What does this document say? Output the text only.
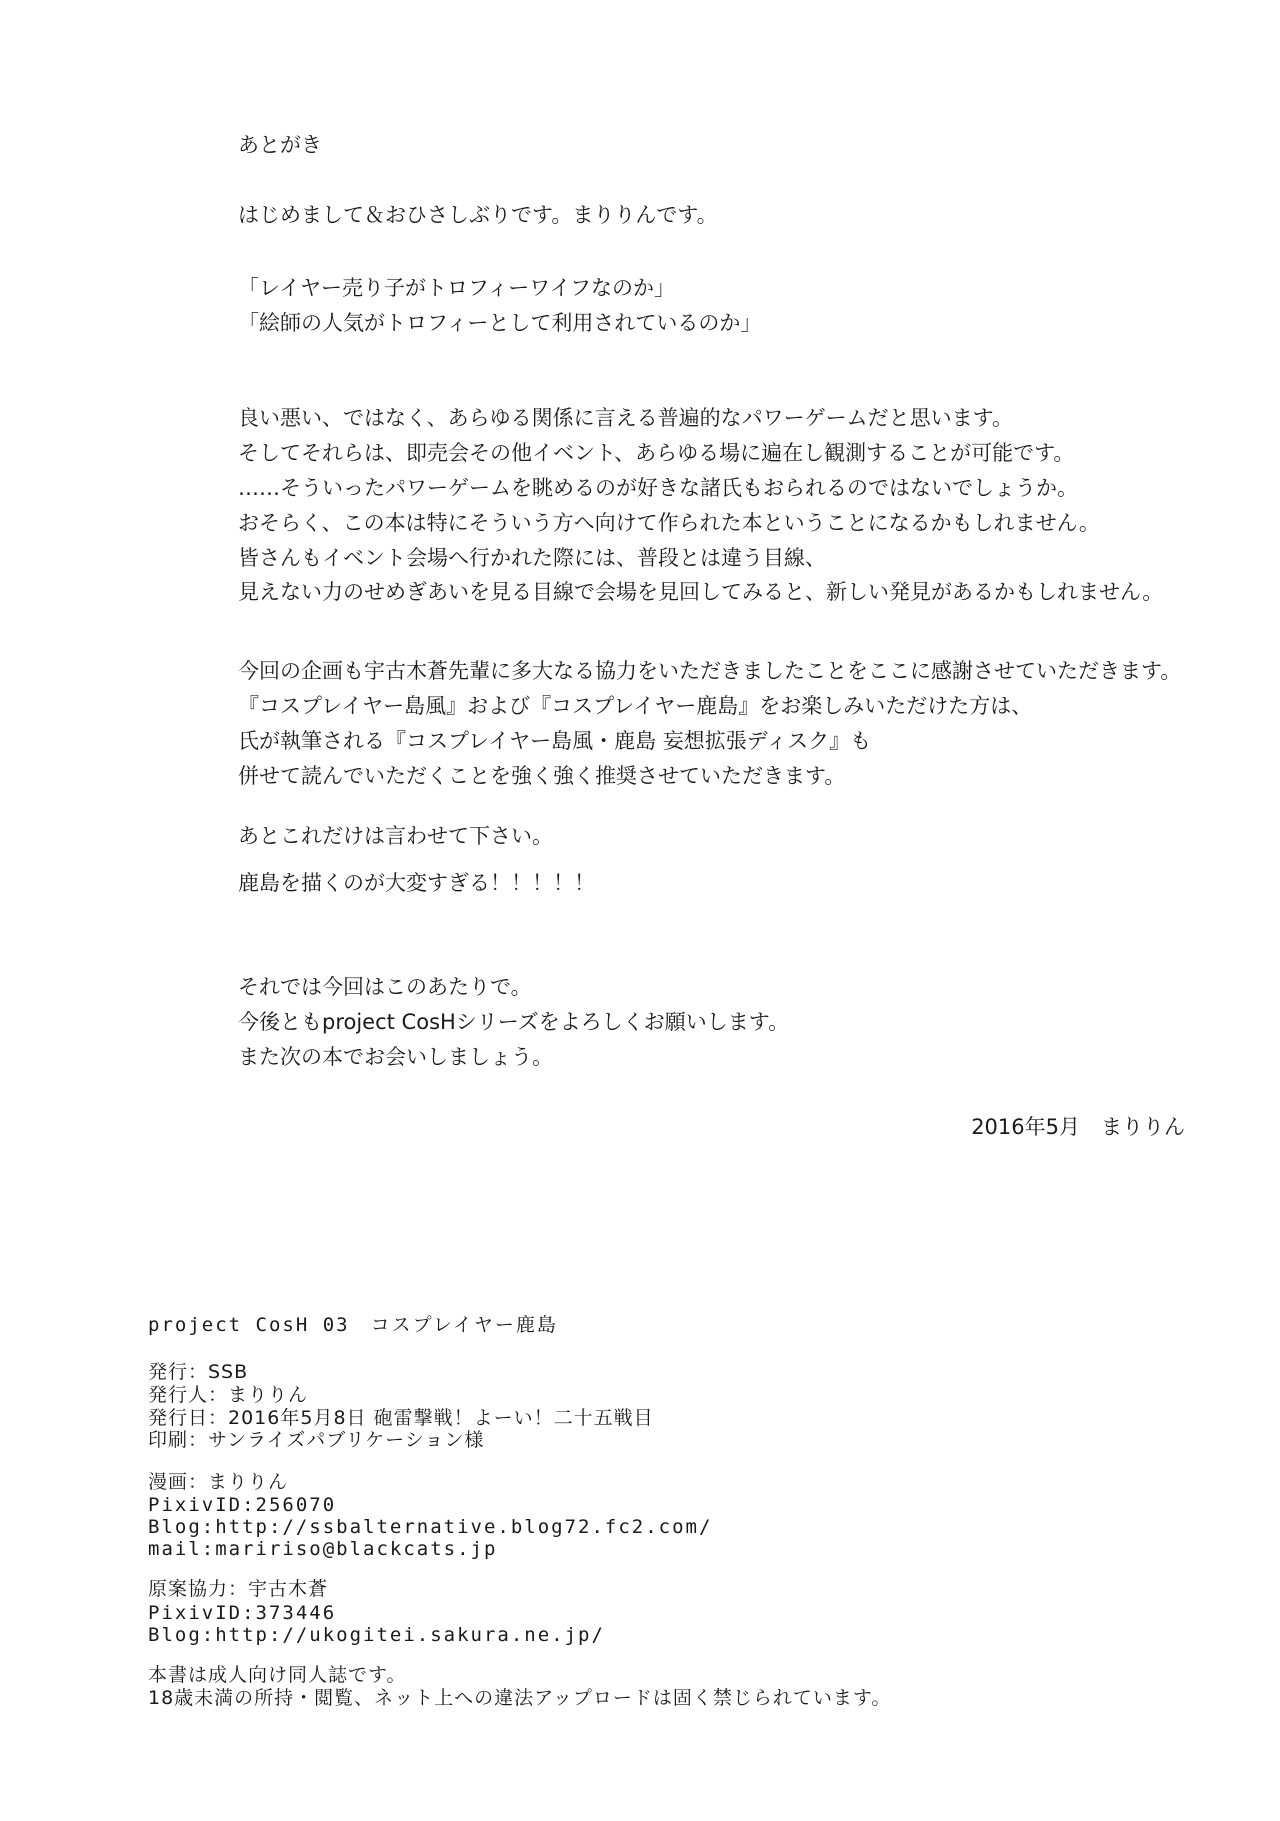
あとがき
はじめまして＆おひさしぶりです。まりりんです。
「レイヤー売り子がトロフィーワイフなのか」
「絵師の人気がトロフィーとして利用されているのか」
良い悪い、ではなく、あらゆる関係に言える普遍的なパワーゲームだと思います。
そしてそれらは、即売会その他イベント、あらゆる場に遍在し観測することが可能です。
……そういったパワーゲームを眺めるのが好きな諸氏もおられるのではないでしょうか。
おそらく、この本は特にそういう方へ向けて作られた本ということになるかもしれません。
皆さんもイベント会場へ行かれた際には、普段とは違う目線、
見えない力のせめぎあいを見る目線で会場を見回してみると、新しい発見があるかもしれません。
今回の企画も宇古木蒼先輩に多大なる協力をいただきましたことをここに感謝させていただきます。
『コスプレイヤー島風』および『コスプレイヤー鹿島』をお楽しみいただけた方は、
氏が執筆される『コスプレイヤー島風・鹿島 妄想拡張ディスク』も
併せて読んでいただくことを強く強く推奨させていただきます。
あとこれだけは言わせて下さい。
鹿島を描くのが大変すぎる！！！！！
それでは今回はこのあたりで。
今後ともproject CosHシリーズをよろしくお願いします。
また次の本でお会いしましょう。
2016年5月　まりりん
project CosH 03　コスプレイヤー鹿島
発行：SSB
発行人：まりりん
発行日：2016年5月8日 砲雷撃戦！よーい！二十五戦目
印刷：サンライズパブリケーション様
漫画：まりりん
PixivID:256070
Blog:http://ssbalternative.blog72.fc2.com/
mail:maririso@blackcats.jp
原案協力：宇古木蒼
PixivID:373446
Blog:http://ukogitei.sakura.ne.jp/
本書は成人向け同人誌です。
18歳未満の所持・閲覧、ネット上への違法アップロードは固く禁じられています。
